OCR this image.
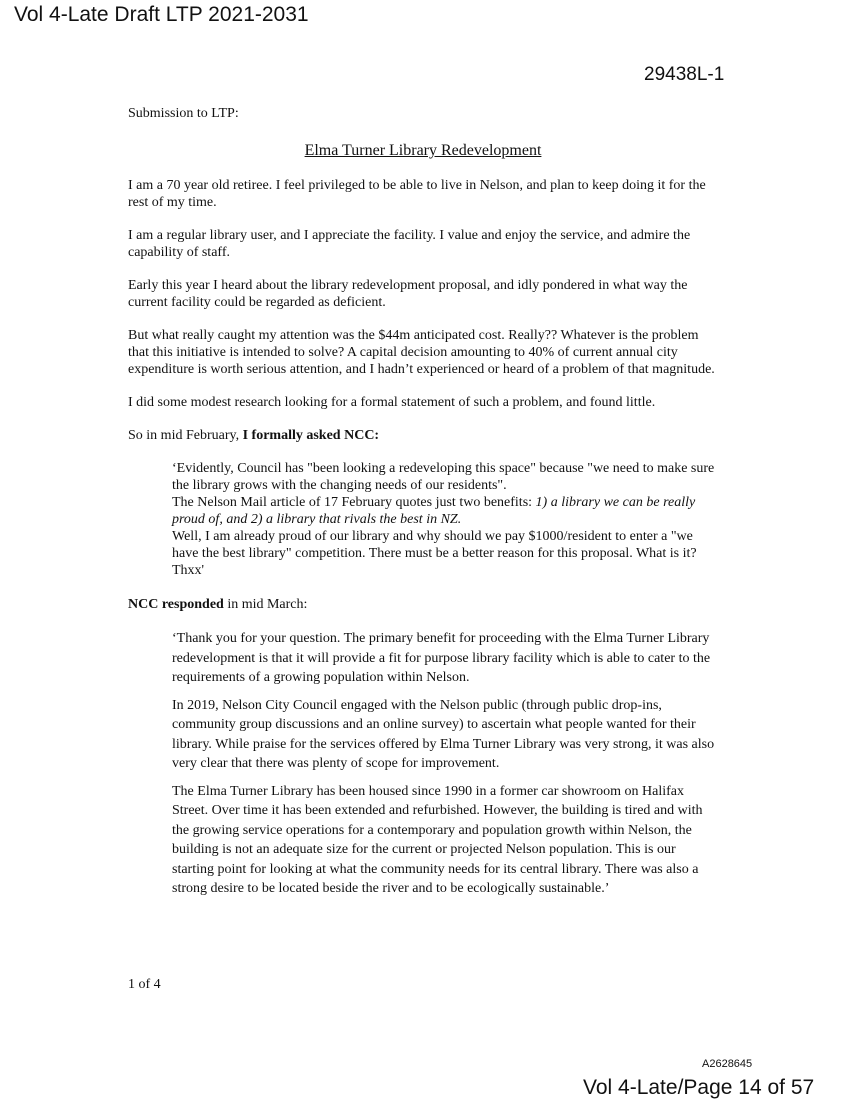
Vol 4-Late Draft LTP 2021-2031
29438L-1

Submission to LTP:

Elma Turner Library Redevelopment

I am a 70 year old retiree. I feel privileged to be able to live in Nelson, and plan to keep doing it for the rest of my time.

I am a regular library user, and I appreciate the facility. I value and enjoy the service, and admire the capability of staff.

Early this year I heard about the library redevelopment proposal, and idly pondered in what way the current facility could be regarded as deficient.

But what really caught my attention was the $44m anticipated cost. Really?? Whatever is the problem that this initiative is intended to solve? A capital decision amounting to 40% of current annual city expenditure is worth serious attention, and I hadn’t experienced or heard of a problem of that magnitude.

I did some modest research looking for a formal statement of such a problem, and found little.

So in mid February, I formally asked NCC:

‘Evidently, Council has "been looking a redeveloping this space" because "we need to make sure the library grows with the changing needs of our residents".
The Nelson Mail article of 17 February quotes just two benefits: 1) a library we can be really proud of, and 2) a library that rivals the best in NZ.
Well, I am already proud of our library and why should we pay $1000/resident to enter a "we have the best library" competition. There must be a better reason for this proposal. What is it? Thxx'

NCC responded in mid March:

‘Thank you for your question. The primary benefit for proceeding with the Elma Turner Library redevelopment is that it will provide a fit for purpose library facility which is able to cater to the requirements of a growing population within Nelson.

In 2019, Nelson City Council engaged with the Nelson public (through public drop-ins, community group discussions and an online survey) to ascertain what people wanted for their library. While praise for the services offered by Elma Turner Library was very strong, it was also very clear that there was plenty of scope for improvement.

The Elma Turner Library has been housed since 1990 in a former car showroom on Halifax Street. Over time it has been extended and refurbished. However, the building is tired and with the growing service operations for a contemporary and population growth within Nelson, the building is not an adequate size for the current or projected Nelson population. This is our starting point for looking at what the community needs for its central library. There was also a strong desire to be located beside the river and to be ecologically sustainable.’

1 of 4
A2628645
Vol 4-Late/Page 14 of 57
